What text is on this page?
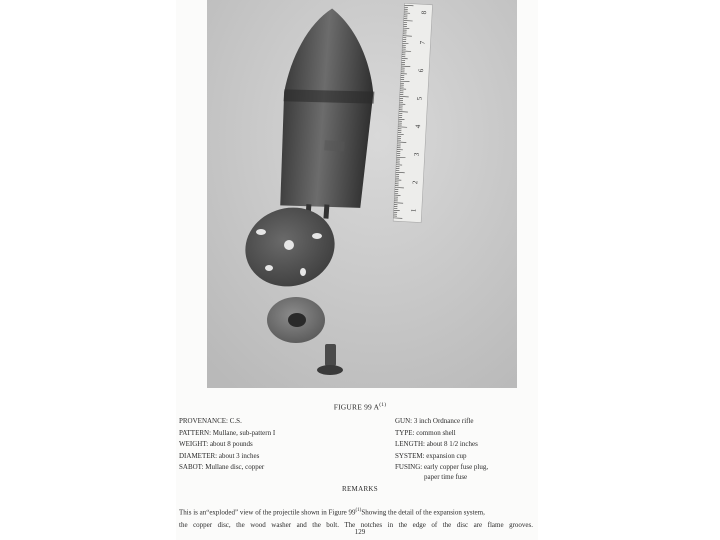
8
7
6
5
4
3
2
1
FIGURE 99 $A^{(1)}$
PROVENANCE: C.S.
PATTERN: Mullane, sub-pattern I
WEIGHT: about 8 pounds
DIAMETER: about 3 inches
SABOT: Mullane disc, copper
GUN: 3 inch Ordnance rifle
TYPE: common shell
LENGTH: about 8 1/2 inches
SYSTEM: expansion cup
FUSING: early copper fuse plug,
paper time fuse
REMARKS
This is an“exploded” view of the projectile shown in Figure 99$^{(1)}$Showing the detail of the expansion system,
the copper disc, the wood washer and the bolt. The notches in the edge of the disc are flame grooves.
129
